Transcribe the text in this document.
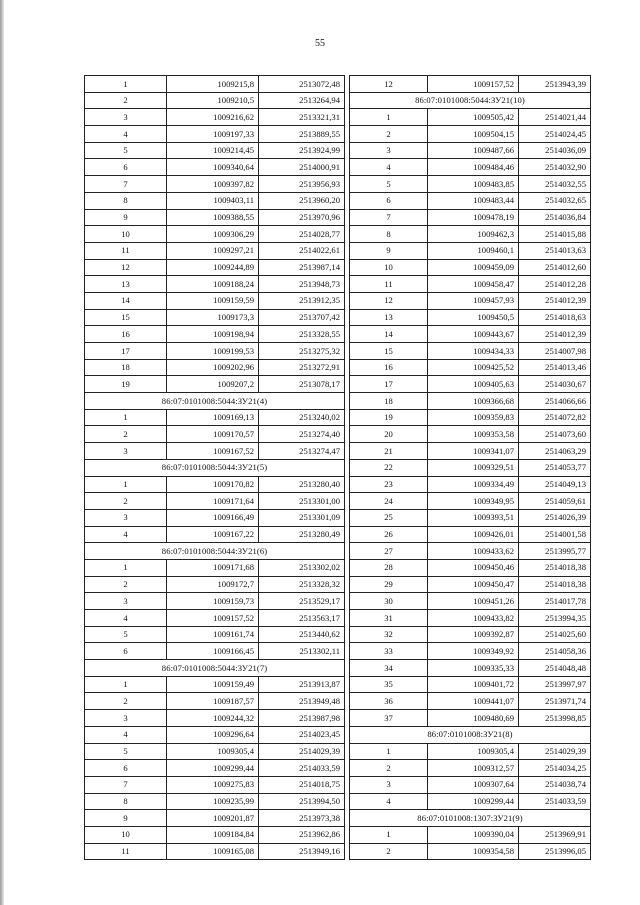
55
1	1009215,8	2513072,48
2	1009210,5	2513264,94
3	1009216,62	2513321,31
4	1009197,33	2513889,55
5	1009214,45	2513924,99
6	1009340,64	2514000,91
7	1009397,82	2513956,93
8	1009403,11	2513960,20
9	1009388,55	2513970,96
10	1009306,29	2514028,77
11	1009297,21	2514022,61
12	1009244,89	2513987,14
13	1009188,24	2513948,73
14	1009159,59	2513912,35
15	1009173,3	2513707,42
16	1009198,94	2513328,55
17	1009199,53	2513275,32
18	1009202,96	2513272,91
19	1009207,2	2513078,17
86:07:0101008:5044:ЗУ21(4)		
1	1009169,13	2513240,02
2	1009170,57	2513274,40
3	1009167,52	2513274,47
86:07:0101008:5044:ЗУ21(5)		
1	1009170,82	2513280,40
2	1009171,64	2513301,00
3	1009166,49	2513301,09
4	1009167,22	2513280,49
86:07:0101008:5044:ЗУ21(6)		
1	1009171,68	2513302,02
2	1009172,7	2513328,32
3	1009159,73	2513529,17
4	1009157,52	2513563,17
5	1009161,74	2513440,62
6	1009166,45	2513302,11
86:07:0101008:5044:ЗУ21(7)		
1	1009159,49	2513913,87
2	1009187,57	2513949,48
3	1009244,32	2513987,98
4	1009296,64	2514023,45
5	1009305,4	2514029,39
6	1009299,44	2514033,59
7	1009275,83	2514018,75
8	1009235,99	2513994,50
9	1009201,87	2513973,38
10	1009184,84	2513962,86
11	1009165,08	2513949,16
12	1009157,52	2513943,39
86:07:0101008:5044:ЗУ21(10)		
1	1009505,42	2514021,44
2	1009504,15	2514024,45
3	1009487,66	2514036,09
4	1009484,46	2514032,90
5	1009483,85	2514032,55
6	1009483,44	2514032,65
7	1009478,19	2514036,84
8	1009462,3	2514015,88
9	1009460,1	2514013,63
10	1009459,09	2514012,60
11	1009458,47	2514012,28
12	1009457,93	2514012,39
13	1009450,5	2514018,63
14	1009443,67	2514012,39
15	1009434,33	2514007,98
16	1009425,52	2514013,46
17	1009405,63	2514030,67
18	1009366,68	2514066,66
19	1009359,83	2514072,82
20	1009353,58	2514073,60
21	1009341,07	2514063,29
22	1009329,51	2514053,77
23	1009334,49	2514049,13
24	1009349,95	2514059,61
25	1009393,51	2514026,39
26	1009426,01	2514001,58
27	1009433,62	2513995,77
28	1009450,46	2514018,38
29	1009450,47	2514018,38
30	1009451,26	2514017,78
31	1009433,82	2513994,35
32	1009392,87	2514025,60
33	1009349,92	2514058,36
34	1009335,33	2514048,48
35	1009401,72	2513997,97
36	1009441,07	2513971,74
37	1009480,69	2513998,85
86:07:0101008:ЗУ21(8)		
1	1009305,4	2514029,39
2	1009312,57	2514034,25
3	1009307,64	2514038,74
4	1009299,44	2514033,59
86:07:0101008:1307:ЗУ21(9)		
1	1009390,04	2513969,91
2	1009354,58	2513996,05
